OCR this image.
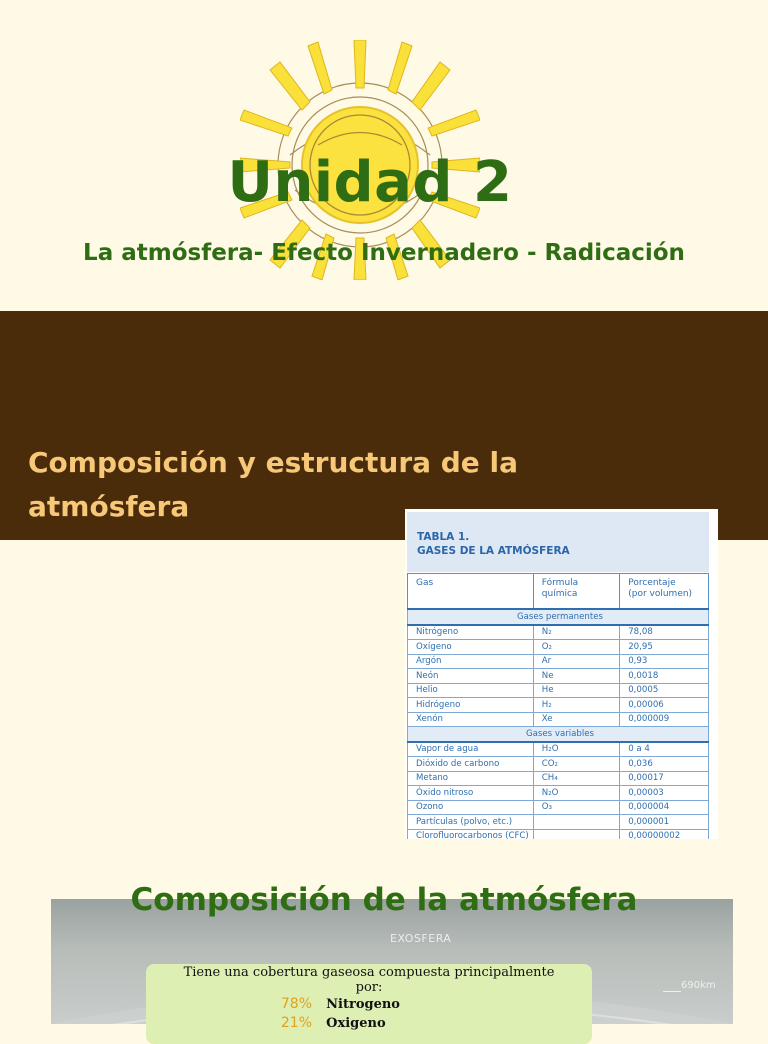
Unidad 2

La atmósfera- Efecto Invernadero - Radicación

Composición y estructura de la
atmósfera
TABLA 1.
GASES DE LA ATMÓSFERA
Gas	Fórmula química	Porcentaje
(por volumen)
Gases permanentes		
Nitrógeno	N₂	78,08
Oxígeno	O₂	20,95
Argón	Ar	0,93
Neón	Ne	0,0018
Helio	He	0,0005
Hidrógeno	H₂	0,00006
Xenón	Xe	0,000009
Gases variables		
Vapor de agua	H₂O	0 a 4
Dióxido de carbono	CO₂	0,036
Metano	CH₄	0,00017
Óxido nitroso	N₂O	0,00003
Ozono	O₃	0,000004
Partículas (polvo, etc.)		0,000001
Clorofluorocarbonos (CFC)		0,00000002
EXOSFERA
690km
Composición de la atmósfera
Tiene una cobertura gaseosa compuesta principalmente
por:
78% Nitrogeno
21% Oxigeno
